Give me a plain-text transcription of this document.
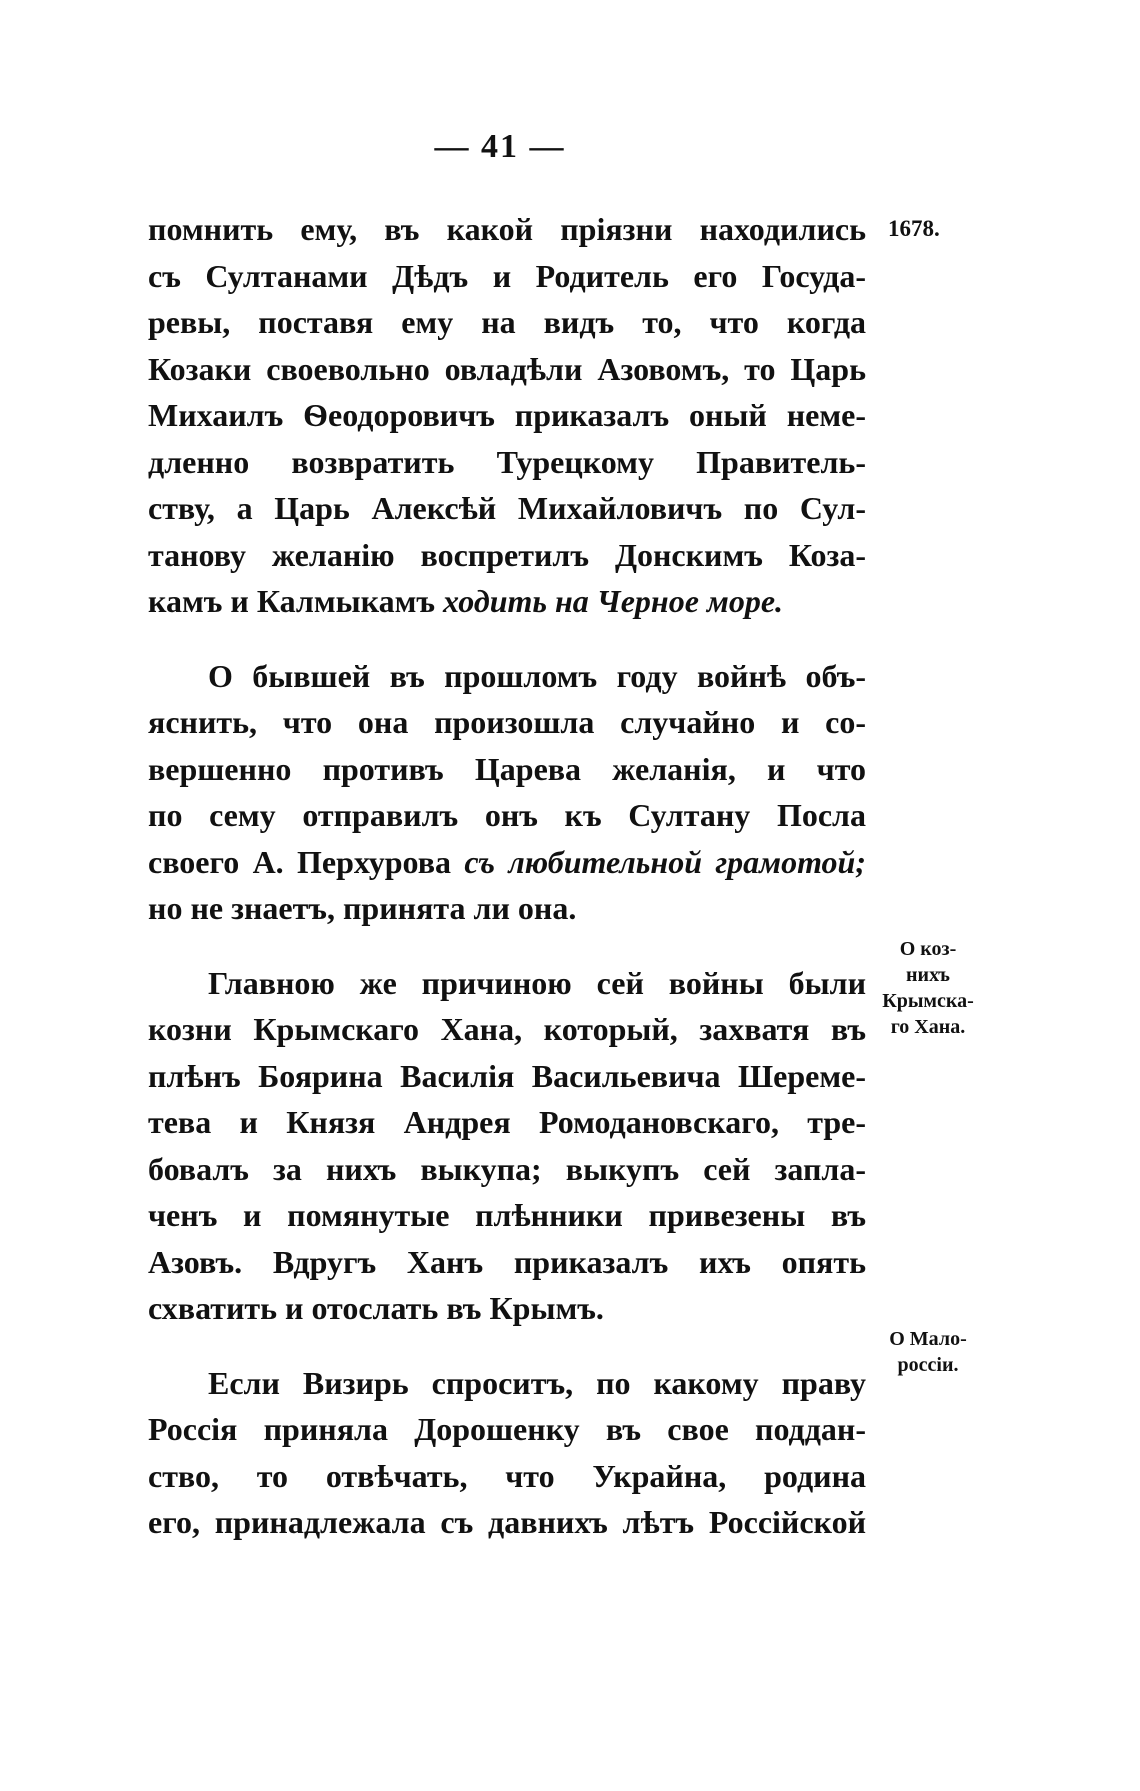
— 41 —
1678.
помнить ему, въ какой прiязни находились
съ Султанами Дѣдъ и Родитель его Госуда-
ревы, поставя ему на видъ то, что когда
Козаки своевольно овладѣли Азовомъ, то Царь
Михаилъ Ѳеодоровичъ приказалъ оный неме-
дленно возвратить Турецкому Правитель-
ству, а Царь Алексѣй Михайловичъ по Сул-
танову желанiю воспретилъ Донскимъ Коза-
камъ и Калмыкамъ ходить на Черное море.
О бывшей въ прошломъ году войнѣ объ-
яснить, что она произошла случайно и со-
вершенно противъ Царева желанiя, и что
по сему отправилъ онъ къ Султану Посла
своего А. Перхурова съ любительной грамотой;
но не знаетъ, принята ли она.
Главною же причиною сей войны были
козни Крымскаго Хана, который, захватя въ
плѣнъ Боярина Василiя Васильевича Шереме-
тева и Князя Андрея Ромодановскаго, тре-
бовалъ за нихъ выкупа; выкупъ сей запла-
ченъ и помянутые плѣнники привезены въ
Азовъ. Вдругъ Ханъ приказалъ ихъ опять
схватить и отослать въ Крымъ.
Если Визирь спроситъ, по какому праву
Россiя приняла Дорошенку въ свое поддан-
ство, то отвѣчать, что Украйна, родина
его, принадлежала съ давнихъ лѣтъ Россiйской
О коз-
нихъ
Крымска-
го Хана.
О Мало-
россiи.
